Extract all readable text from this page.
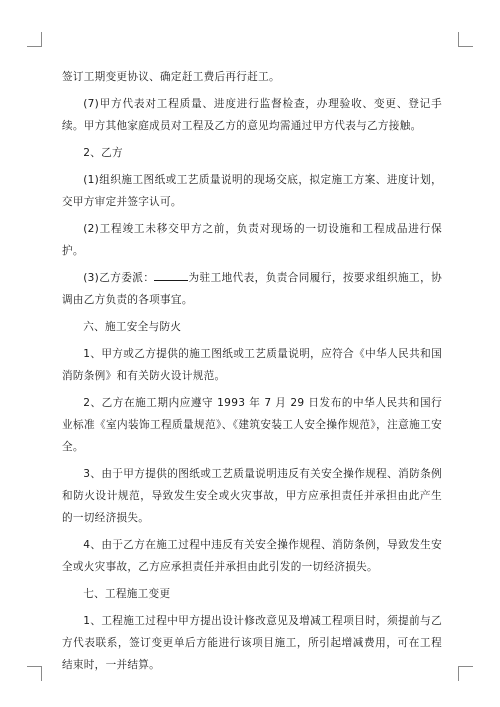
签订工期变更协议、确定赶工费后再行赶工。

(7)甲方代表对工程质量、进度进行监督检查，办理验收、变更、登记手续。甲方其他家庭成员对工程及乙方的意见均需通过甲方代表与乙方接触。

2、乙方

(1)组织施工图纸或工艺质量说明的现场交底，拟定施工方案、进度计划，交甲方审定并签字认可。

(2)工程竣工未移交甲方之前，负责对现场的一切设施和工程成品进行保护。

(3)乙方委派：	为驻工地代表，负责合同履行，按要求组织施工，协调由乙方负责的各项事宜。

六、施工安全与防火

1、甲方或乙方提供的施工图纸或工艺质量说明，应符合《中华人民共和国消防条例》和有关防火设计规范。

2、乙方在施工期内应遵守 1993 年 7 月 29 日发布的中华人民共和国行业标准《室内装饰工程质量规范》、《建筑安装工人安全操作规范》，注意施工安全。

3、由于甲方提供的图纸或工艺质量说明违反有关安全操作规程、消防条例和防火设计规范，导致发生安全或火灾事故，甲方应承担责任并承担由此产生的一切经济损失。

4、由于乙方在施工过程中违反有关安全操作规程、消防条例，导致发生安全或火灾事故，乙方应承担责任并承担由此引发的一切经济损失。

七、工程施工变更

1、工程施工过程中甲方提出设计修改意见及增减工程项目时，须提前与乙方代表联系，签订变更单后方能进行该项目施工，所引起增减费用，可在工程结束时，一并结算。
